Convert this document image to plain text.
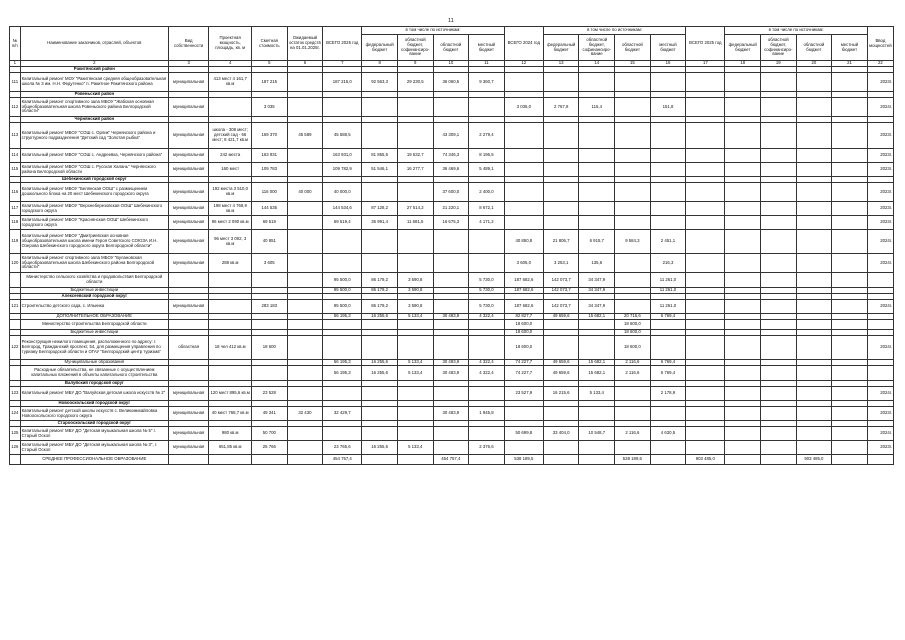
11
№ п/п	Наименование заказчиков, отраслей, объектов	Вид собственности	Проектная мощность, площадь, кв. м	Сметная стоимость	Ожидаемый остаток средств на 01.01.2025г.	ВСЕГО 2025 год	в том числе по источникам:				ВСЕГО 2024 год	в том числе по источникам:				ВСЕГО 2025 год	в том числе по источникам:				Ввод мощностей
							федеральный бюджет	областной бюджет, софинансиро-вание	областной бюджет	местный бюджет		федеральный бюджет	областной бюджет, софинансиро-вание	областной бюджет	местный бюджет		федеральный бюджет	областной бюджет, софинансиро-вание	областной бюджет	местный бюджет	
1	2	3	4	5	6	7	8	9	10	11	12	13	14	15	16	17	18	19	20	21	22
	Ракитянский район																				
111	Капитальный ремонт МОУ "Ракитянская средняя общеобразовательная школа № 3 им. Н.Н. Федутенко" п. Ракитное Ракитянского района	муниципальная	413 мест 4 161,7 кв.м	187 215		187 215,0	92 563,3	29 230,5	36 060,5	9 360,7											2023г.
	Ровеньский район																				
112	Капитальный ремонт спортивного зала МБОУ "Жабская основная общеобразовательная школа Ровеньского района Белгородской области"	муниципальная		3 035							3 035,0	2 767,8	115,4		151,8						2024г.
	Чернянский район																				
113	Капитальный ремонт МБОУ "СОШ с. Орлик" Чернянского района и структурного подразделения "Детский сад "Золотая рыбка"	муниципальная	школа - 308 мест; детский сад - 66 мест; 8 421,7 кв.м	169 370	45 589	45 588,5			43 309,1	2 279,4											2023г.
114	Капитальный ремонт МБОУ "СОШ с. Андреевка, Чернянского района"	муниципальная	242 места	163 931		163 931,0	81 855,5	19 532,7	74 346,3	8 196,5											2023г.
115	Капитальный ремонт МБОУ "СОШ с. Русская Халань" Чернянского района Белгородской области	муниципальная	160 мест	109 783		109 782,9	51 546,1	16 277,7	36 469,6	5 489,1											2023г.
	Шебекинский городской округ																				
116	Капитальный ремонт МБОУ "Белянская ООШ" с размещением дошкольного блока на 20 мест Шебекинского городского округа	муниципальная	192 места 3 510,0 кв.м	116 000	40 000	40 000,0			37 600,0	2 400,0											2023г.
117	Капитальный ремонт МБОУ "Верхнеберезовская ООШ" Шебекинского городского округа	муниципальная	198 мест 4 769,9 кв.м	144 535		144 534,6	87 128,2	27 514,2	21 220,1	8 672,1											2023г.
118	Капитальный ремонт МБОУ "Краснянская ООШ" Шебекинского городского округа	муниципальная	96 мест 2 090 кв.м	69 519		69 519,4	36 991,4	11 681,5	16 675,3	4 171,2											2023г.
119	Капитальный ремонт МБОУ "Дмитриевская основная общеобразовательная школа имени Героя Советского СОЮЗА И.Н. Озерова Шебекинского городского округа Белгородской области"	муниципальная	96 мест 3 092, 3 кв.м	40 851							40 850,8	21 806,7	6 915,7	9 584,3	2 451,1						2024г.
120	Капитальный ремонт спортивного зала МБОУ "Булановская общеобразовательная школа Шебекинского района Белгородской области"	муниципальная	288 кв.м	3 605							3 605,0	3 253,1	135,6		216,3						2024г.
	Министерство сельского хозяйства и продовольствия Белгородской области					95 500,0	86 179,2	3 590,8		5 730,0	187 682,6	142 073,7	34 347,9		11 261,0						
	Бюджетные инвестиции					95 500,0	86 179,2	3 590,8		5 730,0	187 682,6	142 073,7	34 347,9		11 261,0						
	Алексеевский городской округ																				
121	Строительство детского сада, с. Ильинка	муниципальная		283 183		95 500,0	86 179,2	3 590,8		5 730,0	187 682,6	142 073,7	34 347,9		11 261,0						2024г.
	ДОПОЛНИТЕЛЬНОЕ ОБРАЗОВАНИЕ					56 195,3	16 255,6	5 133,4	30 483,9	4 322,4	82 827,7	49 659,6	15 682,1	20 716,6	6 769,4						
	Министерство строительства Белгородской области										18 600,0			18 600,0							
	Бюджетные инвестиции										18 600,0			18 600,0							
122	Реконструкция нежилого помещения, расположенного по адресу: г. Белгород, Гражданский проспект, 54, для размещения управления по туризму Белгородской области и ОГАУ "Белгородский центр туризма"	областная	18 чел 412 кв.м	18 600							18 600,0			18 600,0							2024г.
	Муниципальные образования					56 195,3	16 255,6	5 133,4	30 483,9	4 322,4	74 227,7	49 659,6	15 682,1	2 116,6	6 769,4						
	Расходные обязательства, не связанные с осуществлением капитальных вложений в объекты капитального строительства					56 195,3	16 255,6	5 133,4	30 483,9	4 322,4	74 227,7	49 659,6	15 682,1	2 116,6	6 769,4						
	Валуйский городской округ																				
123	Капитальный ремонт МБУ ДО "Валуйская детская школа искусств № 2"	муниципальная	120 мест 895,6 кв.м	23 528							23 527,9	16 215,6	5 133,4		2 178,9						2024г.
	Новооскольский городской округ																				
124	Капитальный ремонт детской школы искусств с. Великомихайловка Новооскольского городского округа	муниципальная	40 мест 768,7 кв.м	49 341	32 430	32 429,7			30 483,9	1 945,8											2023г.
	Старооскольский городской округ																				
125	Капитальный ремонт МБУ ДО "Детская музыкальная школа № 5" г. Старый Оскол	муниципальная	980 кв.м	50 700							50 699,8	33 404,0	10 548,7	2 116,6	4 630,5						2024г.
126	Капитальный ремонт МБУ ДО "Детская музыкальная школа № 3", г. Старый Оскол	муниципальная	651,85 кв.м	25 766		23 765,6	16 255,6	5 133,4		2 376,6											2023г.
	СРЕДНЕЕ ПРОФЕССИОНАЛЬНОЕ ОБРАЗОВАНИЕ					454 757,4			454 757,4		538 189,5			538 189,5		903 485,0			903 485,0		
